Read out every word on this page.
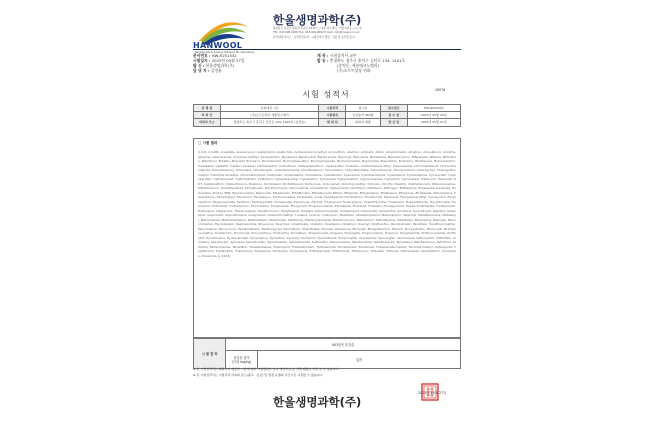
HANWOOL
Hanwool Life & Science (Hanwool Bio Laboratory)
한울생명과학(주)
충청북도 음성군 맹동면 원중로 1234 ○○ 2층 연구센터 · 기술지원동 ○○○호
TEL: 043-000-0000 FAX: 043-000-0000 E-mail: info@hanwool.co.kr
분석대행 서비스 · 농약잔류분석 · 시험성적서 발급 · 식품 및 농산물 분석
문서번호 : HW-R251532
시험일자 : 2025년 05월 27일
발 신 : 한울생명과학(주)
담 당 자 : 김정윤
제 목 : 시험성적서 교부
발 송 : 충청북도 청주시 흥덕구 공단로 134, 1401호
(송정동, 세종테크노밸리)
(주)소프트상상 귀하
28576
시험 성적서
검 체 명	조회대상 시료	시험목적	참고용	접수번호	HW-R251532
의 뢰 인	(주)소프트상상 세종연구센터	시험항목	잔류농약 463종	접 수 일	2025년 05월 24일
의뢰자 주소	충청북도 청주시 흥덕구 공단로 134, 1401호 (송정동)	채 취 처	의뢰자 제출	발 급 일	2025년 05월 27일
□ 시험 결과
2,4-D, 2,4-DB, Acephate, Acequinocyl, Acetamiprid, Acetochlor, Acibenzolar-S-methyl, Acrinathrin, Alachlor, Aldicarb, Aldrin, Ametoctradin, Ametryn, Amisulbrom, Anilofos, Atrazine, Azaconazole, Azinphos-methyl, Azoxystrobin, Benalaxyl, Bendiocarb, Benfuracarb, Benomyl, Bensulide, Bentazone, Benzobicyclon, Bifenazate, Bifenox, Bifenthrin, Bitertanol, Bixafen, Boscalid, Bromacil, Bromobutide, Bromophos-ethyl, Bromopropylate, Bromuconazole, Bupirimate, Buprofezin, Butachlor, Butafenacil, Butocarboxim, Cadusafos, Captafol, Captan, Carbaryl, Carbendazim, Carbofuran, Carbophenothion, Carbosulfan, Carboxin, Carfentrazone-ethyl, Carpropamid, Chinomethionat, Chlorantraniliprole, Chlorbenzuron, Chlordane, Chlorfenapyr, Chlorfenvinphos, Chlorfluazuron, Chloridazon, Chlorobenzilate, Chlorothalonil, Chlorpropham, Chlorpyrifos, Chlorpyrifos-methyl, Chlorthal-dimethyl, Chromafenozide, Clethodim, Clofentezine, Clomazone, Clothianidin, Cyanazine, Cyantraniliprole, Cyazofamid, Cyclaniliprole, Cycloxydim, Cyenopyrafen, Cyflufenamid, Cyflumetofen, Cyfluthrin, Cyhalofop-butyl, Cyhalothrin, Cymoxanil, Cypermethrin, Cyproconazole, Cyprodinil, Cyromazine, Daimuron, Dazomet, DDT, Deltamethrin, Diafenthiuron, Diazinon, Dichlobenil, Dichlofluanid, Dichlorvos, Diclocymet, Diclofop-methyl, Dicloran, Dicofol, Dieldrin, Diethofencarb, Difenoconazole, Diflubenzuron, Dimethenamid, Dimethoate, Dimethomorph, Diniconazole, Dinotefuran, Diphenamid, Disulfoton, Dithianon, Dithiopyr, Edifenphos, Emamectin benzoate, Endosulfan, Endrin, EPN, Epoxiconazole, Esprocarb, Ethaboxam, Ethalfluralin, Ethiofencarb, Ethion, Ethiprole, Ethoprophos, Etofenprox, Etoxazole, Etridiazole, Famoxadone, Fenamidone, Fenamiphos, Fenarimol, Fenazaquin, Fenbuconazole, Fenbutatin oxide, Fenhexamid, Fenitrothion, Fenobucarb, Fenoxanil, Fenoxaprop-ethyl, Fenoxycarb, Fenpropathrin, Fenpyroximate, Fenthion, Fentrazamide, Fenvalerate, Ferimzone, Fipronil, Flonicamid, Fluacrypyrim, Fluazifop-butyl, Fluazinam, Flubendiamide, Flucythrinate, Fludioxonil, Flufenacet, Flufenoxuron, Flumioxazin, Fluopicolide, Fluopyram, Fluquinconazole, Flusilazole, Flutolanil, Flutriafol, Fluxapyroxad, Folpet, Fosthiazate, Furathiocarb, Halfenprox, Heptachlor, Hexaconazole, Hexaflumuron, Hexythiazox, Imazalil, Imibenconazole, Imidacloprid, Indoxacarb, Iprobenfos, Iprodione, Iprovalicarb, Isazofos, Isofenphos, Isoprocarb, Isoprothiolane, Isopyrazam, Kresoxim-methyl, Lindane, Linuron, Lufenuron, Malathion, Mandipropamid, Mepanipyrim, Mepronil, Metaflumizone, Metalaxyl, Metconazole, Methamidophos, Methidathion, Methiocarb, Methomyl, Methoxyfenozide, Metobromuron, Metolachlor, Metrafenone, Metribuzin, Mevinphos, Molinate, Monocrotophos, Myclobutanil, Napropamide, Novaluron, Nuarimol, Omethoate, Oryzalin, Oxadiazon, Oxadixyl, Oxamyl, Oxyfluorfen, Paclobutrazol, Parathion, Parathion-methyl, Penconazole, Pencycuron, Pendimethalin, Penthiopyrad, Permethrin, Phenthoate, Phorate, Phosalone, Phosmet, Phosphamidon, Phoxim, Picoxystrobin, Pirimicarb, Pirimiphos-methyl, Pretilachlor, Prochloraz, Procymidone, Profenofos, Prometryn, Propamocarb, Propanil, Propargite, Propiconazole, Propoxur, Propyzamide, Prothioconazole, Prothiofos, Pymetrozine, Pyraclostrobin, Pyrazophos, Pyridaben, Pyridalyl, Pyrifenox, Pyrimethanil, Pyriproxyfen, Quinalphos, Quinoxyfen, Quintozene, Sethoxydim, Silthiofam, Simazine, Spinetoram, Spinosad, Spirodiclofen, Spiromesifen, Spirotetramat, Sulfoxaflor, Tebuconazole, Tebufenozide, Tebufenpyrad, Tecnazene, Teflubenzuron, Tefluthrin, Terbufos, Tetraconazole, Tetradifon, Thiabendazole, Thiacloprid, Thiamethoxam, Thifluzamide, Thiobencarb, Thiodicarb, Thiophanate-methyl, Tolclofos-methyl, Tolfenpyrad, Tolylfluanid, Triadimefon, Triadimenol, Triazophos, Trichlorfon, Tricyclazole, Trifloxystrobin, Triflumizole, Triflumuron, Trifluralin, Triforine, Triticonazole, Vamidothion, Vinclozolin, Zoxamide 등 463종
시 험 결 과	463항목 불검출	
	검출된 항목
(단위 mg/kg)	없음
※ 본 시험성적서는 의뢰인이 제공한 시료에 대한 시험결과로 유사 대상시료 등 전체 제품에 적용 할 수 없습니다.
※ 본 시험성적서는 시험목적 이외의 용도(광고 · 홍보) 및 법정 분쟁의 수단으로 사용할 수 없습니다.
2025년 05월 27일
한울생명과학(주)
